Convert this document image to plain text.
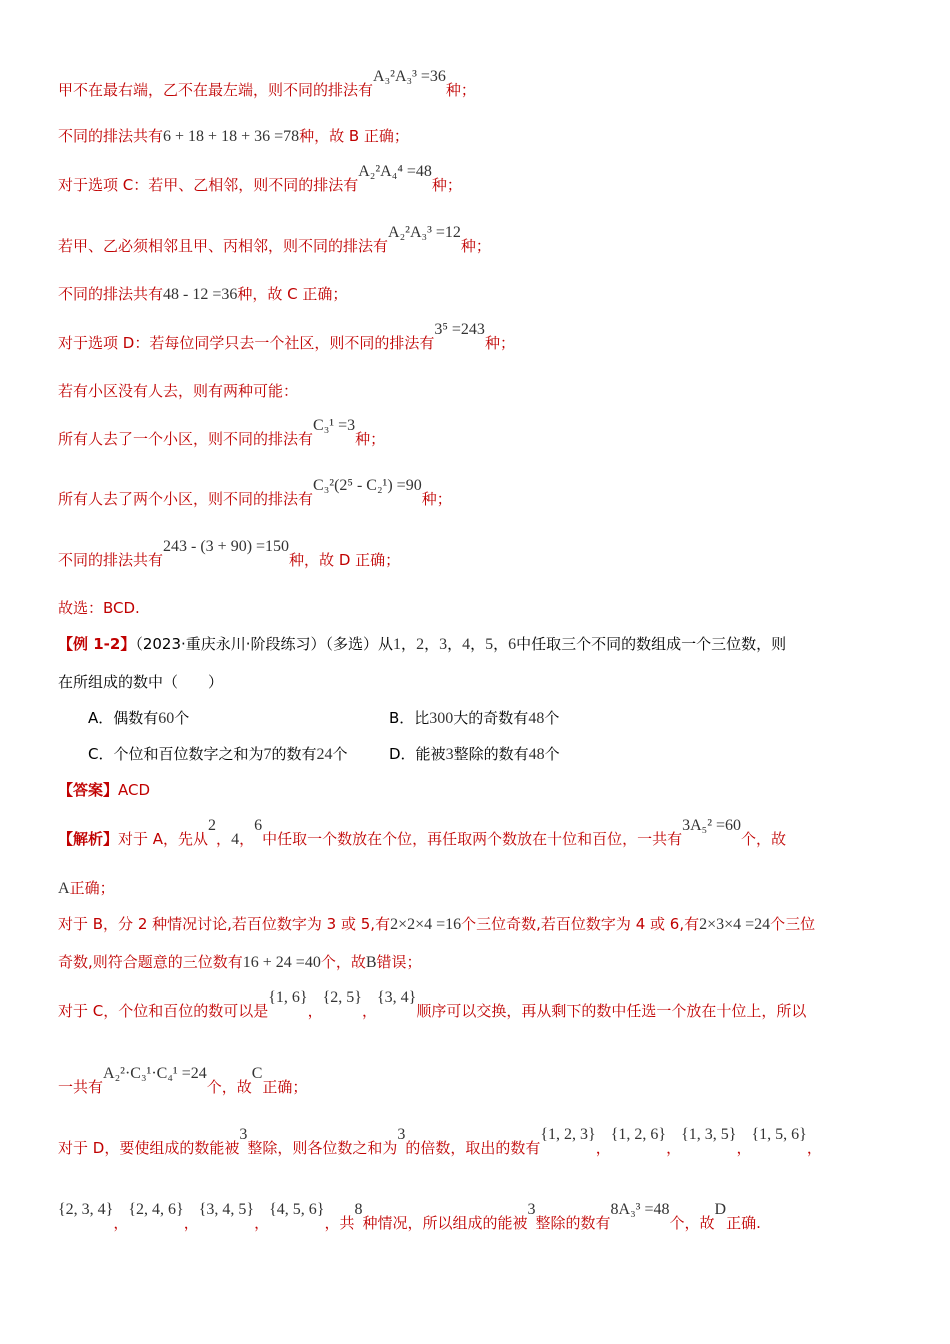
甲不在最右端，乙不在最左端，则不同的排法有A₃²A₃³ =36种；
不同的排法共有6 + 18 + 18 + 36 =78种，故 B 正确；
对于选项 C：若甲、乙相邻，则不同的排法有A₂²A₄⁴ =48种；
若甲、乙必须相邻且甲、丙相邻，则不同的排法有A₂²A₃³ =12种；
不同的排法共有48 - 12 =36种，故 C 正确；
对于选项 D：若每位同学只去一个社区，则不同的排法有3⁵ =243种；
若有小区没有人去，则有两种可能：
所有人去了一个小区，则不同的排法有C₃¹ =3种；
所有人去了两个小区，则不同的排法有C₃²(2⁵ - C₂¹) =90种；
不同的排法共有243 - (3 + 90) =150种，故 D 正确；
故选：BCD.
【例 1-2】（2023·重庆永川·阶段练习）（多选）从1，2，3，4，5，6中任取三个不同的数组成一个三位数，则
在所组成的数中（　　）
A．偶数有60个	B．比300大的奇数有48个
C．个位和百位数字之和为7的数有24个	D．能被3整除的数有48个
【答案】ACD
【解析】对于 A，先从2，4，6中任取一个数放在个位，再任取两个数放在十位和百位，一共有3A₅² =60个，故
A正确；
对于 B，分 2 种情况讨论,若百位数字为 3 或 5,有2×2×4 =16个三位奇数,若百位数字为 4 或 6,有2×3×4 =24个三位
奇数,则符合题意的三位数有16 + 24 =40个，故B错误；
对于 C，个位和百位的数可以是{1, 6}，{2, 5}，{3, 4}顺序可以交换，再从剩下的数中任选一个放在十位上，所以
一共有A₂²·C₃¹·C₄¹ =24个，故C正确；
对于 D，要使组成的数能被3整除，则各位数之和为3的倍数，取出的数有{1, 2, 3}，{1, 2, 6}，{1, 3, 5}，{1, 5, 6}，
{2, 3, 4}，{2, 4, 6}，{3, 4, 5}，{4, 5, 6}，共8种情况，所以组成的能被3整除的数有8A₃³ =48个，故D正确.
